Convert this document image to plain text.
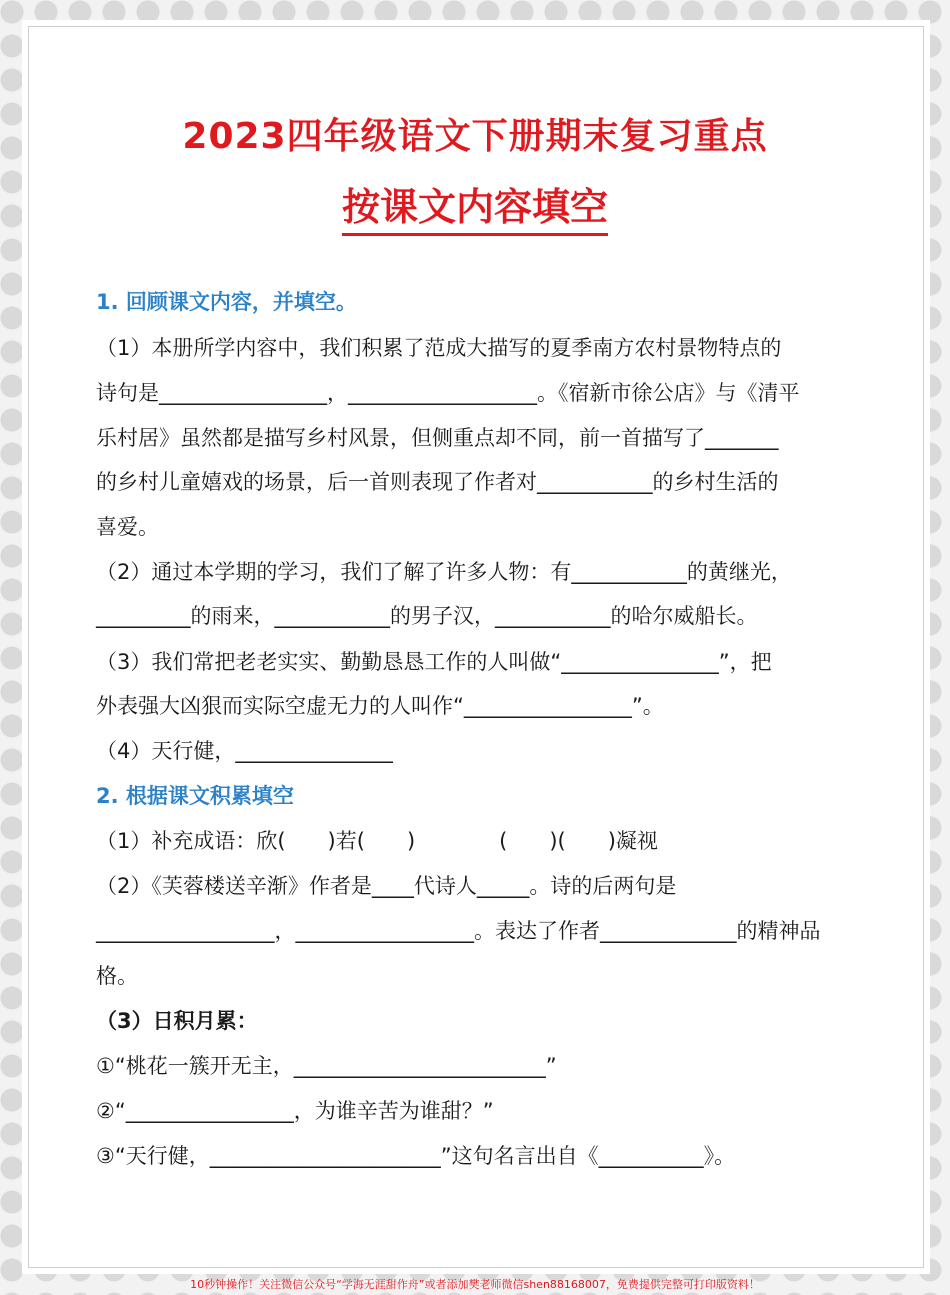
2023四年级语文下册期末复习重点
按课文内容填空
1. 回顾课文内容，并填空。
（1）本册所学内容中，我们积累了范成大描写的夏季南方农村景物特点的
诗句是________________，__________________。《宿新市徐公店》与《清平
乐村居》虽然都是描写乡村风景，但侧重点却不同，前一首描写了_______
的乡村儿童嬉戏的场景，后一首则表现了作者对___________的乡村生活的
喜爱。
（2）通过本学期的学习，我们了解了许多人物：有___________的黄继光，
_________的雨来，___________的男子汉，___________的哈尔威船长。
（3）我们常把老老实实、勤勤恳恳工作的人叫做“_______________”，把
外表强大凶狠而实际空虚无力的人叫作“________________”。
（4）天行健，_______________
2. 根据课文积累填空
（1）补充成语：欣(　　)若(　　)　　　　(　　)(　　)凝视
（2）《芙蓉楼送辛渐》作者是____代诗人_____。诗的后两句是
_________________，_________________。表达了作者_____________的精神品
格。
（3）日积月累：
①“桃花一簇开无主，________________________”
②“________________，为谁辛苦为谁甜？”
③“天行健，______________________”这句名言出自《__________》。
10秒钟操作！关注微信公众号“学海无涯甜作舟”或者添加樊老师微信shen88168007，免费提供完整可打印版资料！
